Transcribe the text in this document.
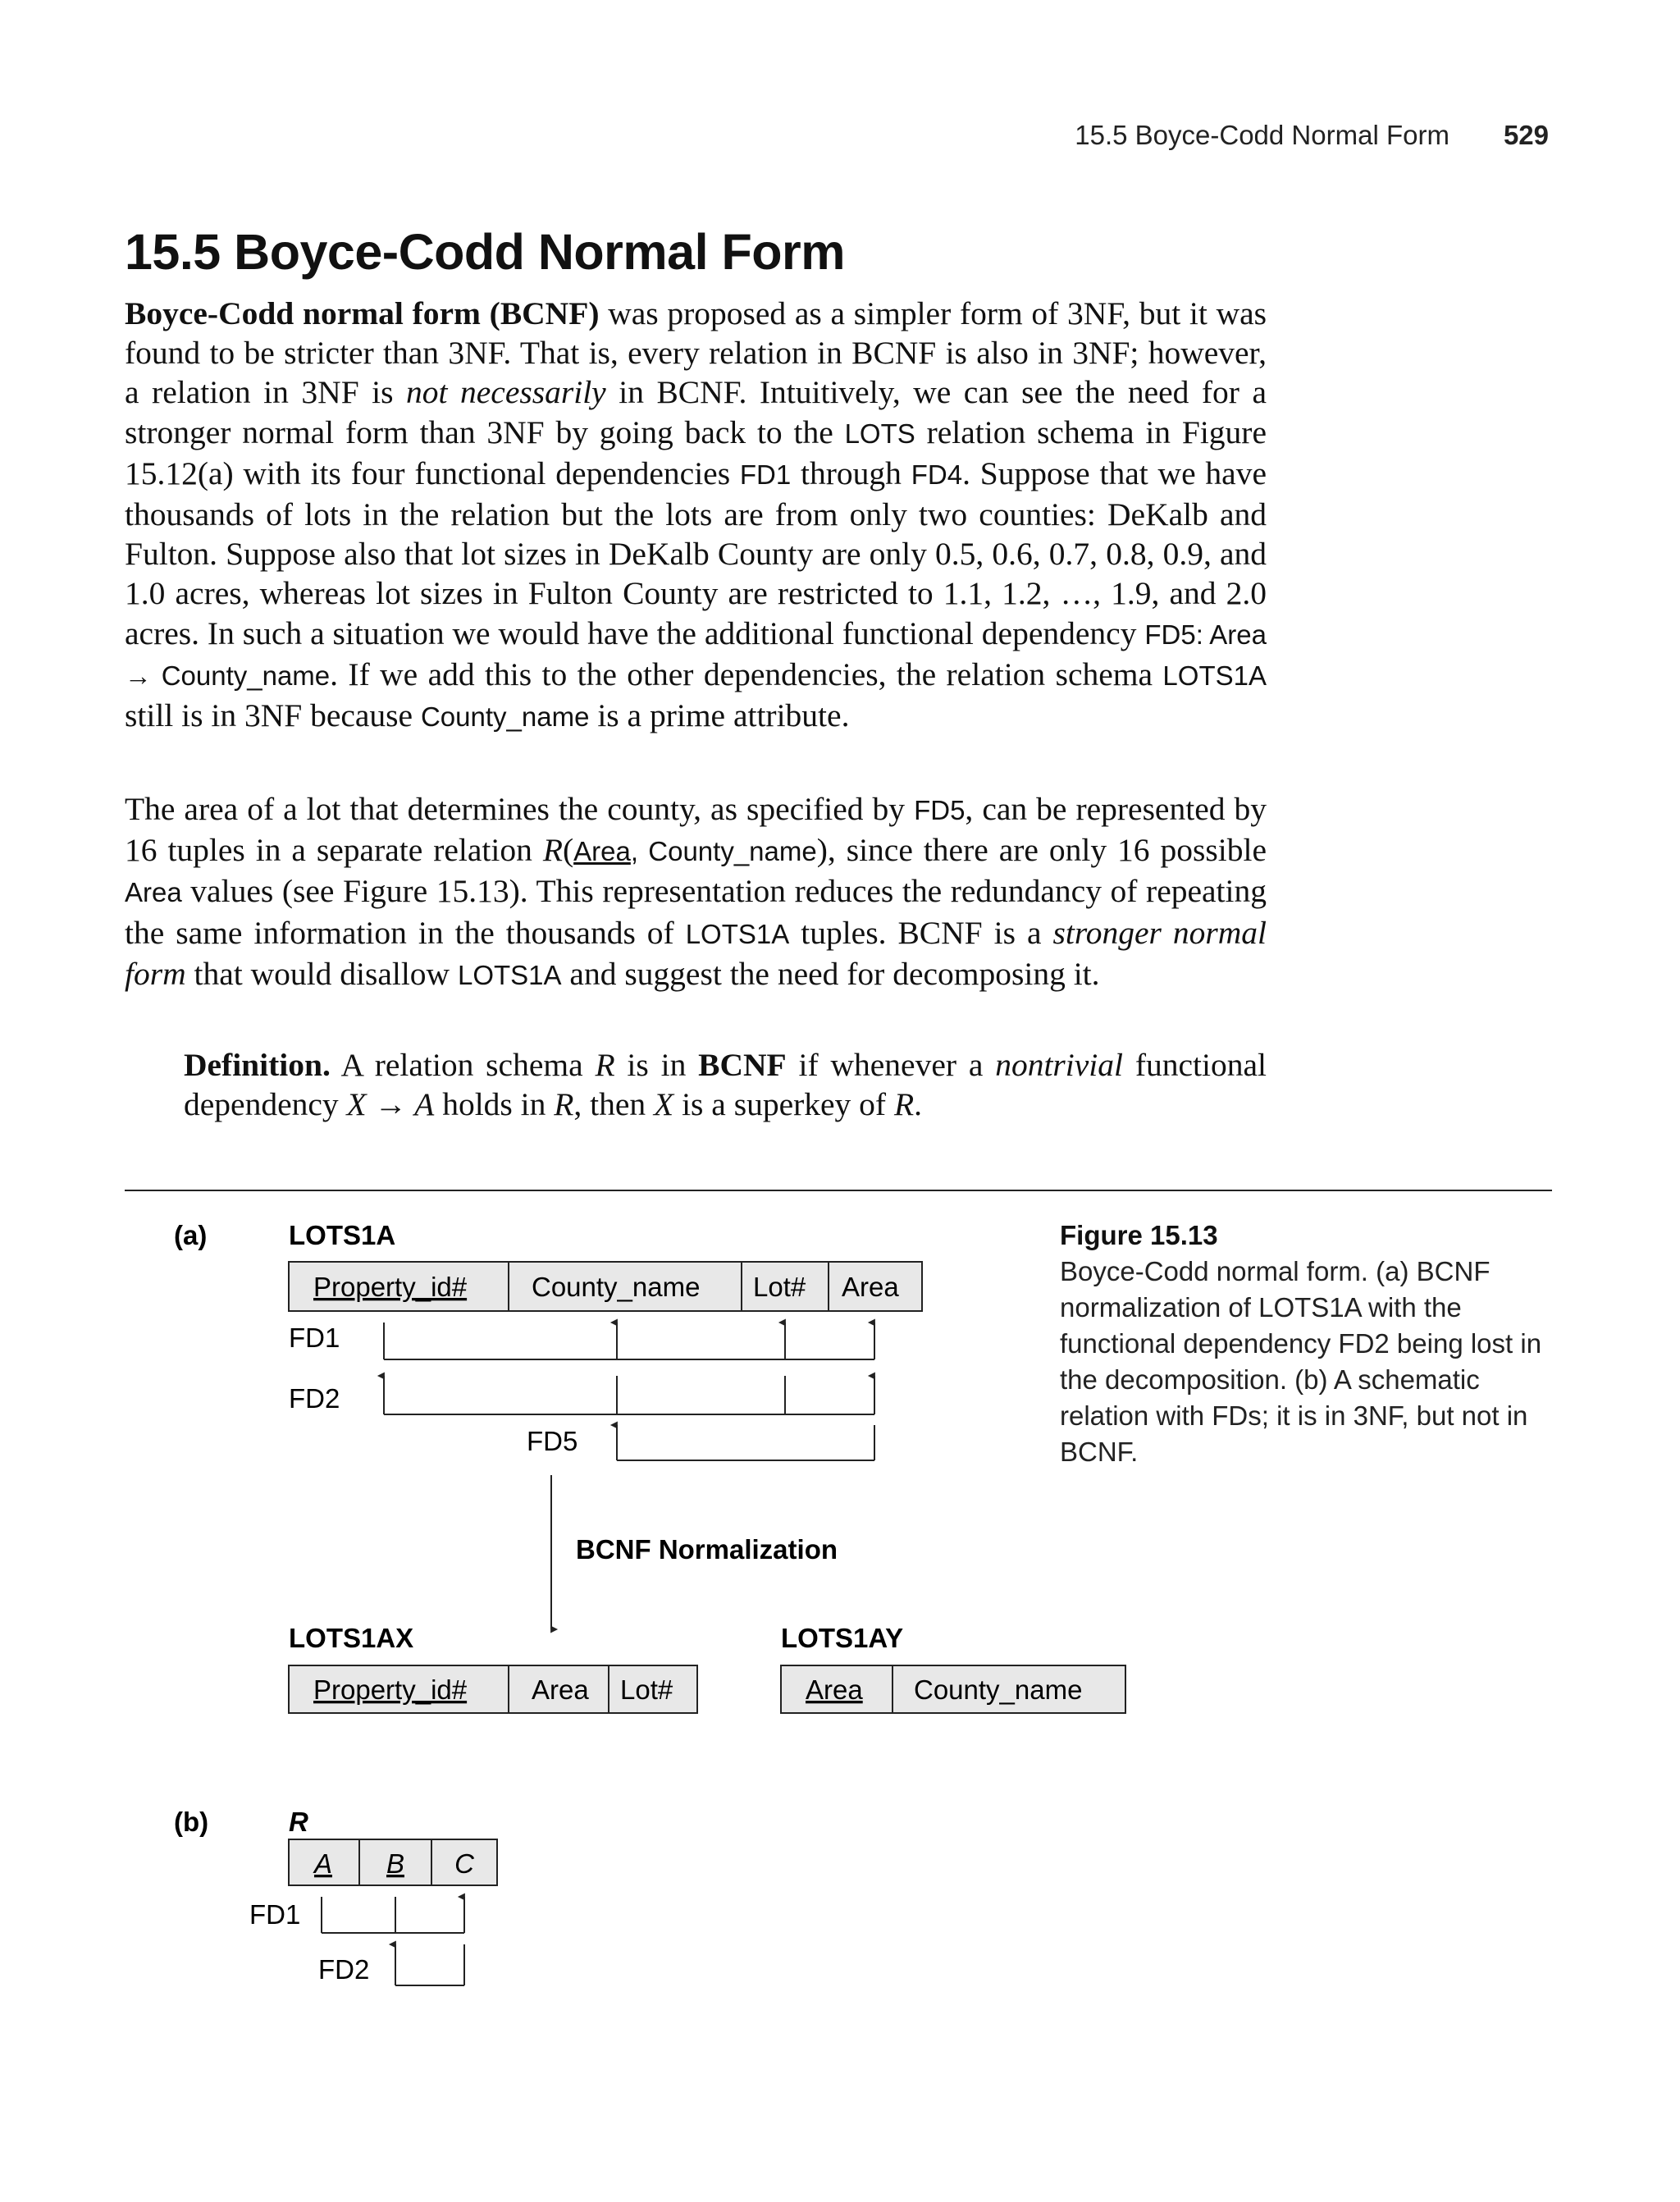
15.5 Boyce-Codd Normal Form 529
15.5 Boyce-Codd Normal Form

Boyce-Codd normal form (BCNF) was proposed as a simpler form of 3NF, but it was found to be stricter than 3NF. That is, every relation in BCNF is also in 3NF; however, a relation in 3NF is not necessarily in BCNF. Intuitively, we can see the need for a stronger normal form than 3NF by going back to the LOTS relation schema in Figure 15.12(a) with its four functional dependencies FD1 through FD4. Suppose that we have thousands of lots in the relation but the lots are from only two counties: DeKalb and Fulton. Suppose also that lot sizes in DeKalb County are only 0.5, 0.6, 0.7, 0.8, 0.9, and 1.0 acres, whereas lot sizes in Fulton County are restricted to 1.1, 1.2, …, 1.9, and 2.0 acres. In such a situation we would have the additional functional dependency FD5: Area → County_name. If we add this to the other dependencies, the relation schema LOTS1A still is in 3NF because County_name is a prime attribute.

The area of a lot that determines the county, as specified by FD5, can be represented by 16 tuples in a separate relation R(Area, County_name), since there are only 16 possible Area values (see Figure 15.13). This representation reduces the redundancy of repeating the same information in the thousands of LOTS1A tuples. BCNF is a stronger normal form that would disallow LOTS1A and suggest the need for decomposing it.

Definition. A relation schema R is in BCNF if whenever a nontrivial functional dependency X → A holds in R, then X is a superkey of R.

Figure 15.13
Boyce-Codd normal form. (a) BCNF normalization of LOTS1A with the functional dependency FD2 being lost in the decomposition. (b) A schematic relation with FDs; it is in 3NF, but not in BCNF.
(a)
(b)
LOTS1A
Property_id# County_name Lot# Area
FD1
FD2
FD5
BCNF Normalization
LOTS1AX
Property_id# Area Lot#
LOTS1AY
Area County_name
R
A B C
FD1
FD2
